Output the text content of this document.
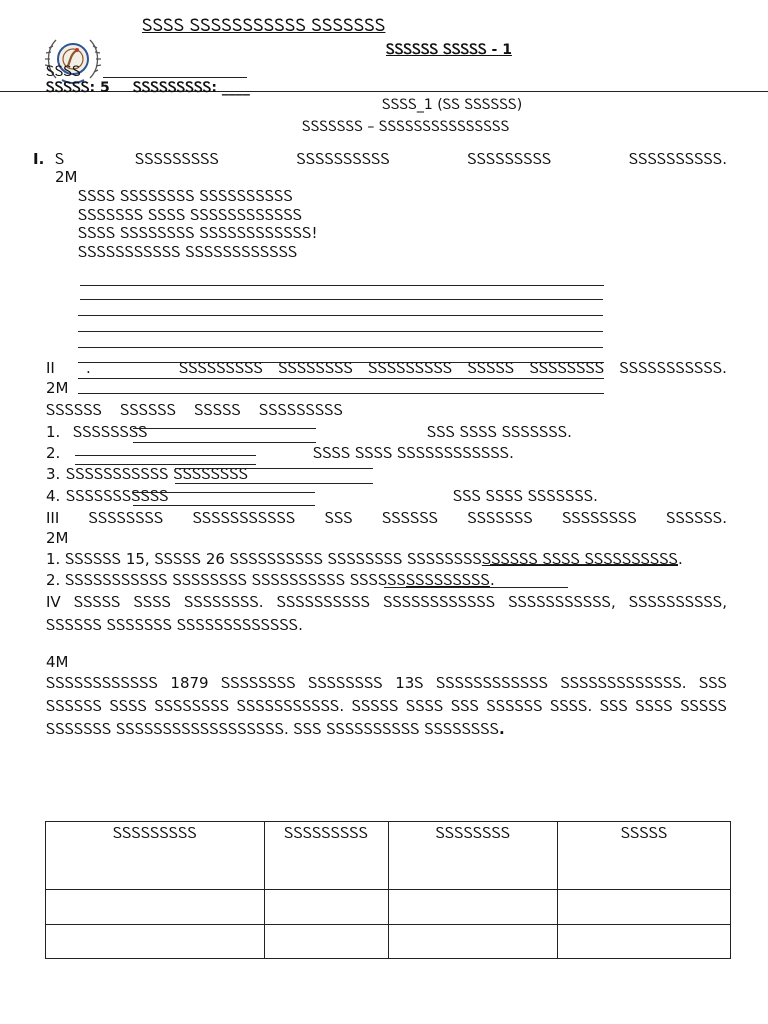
ᏚᏚᏚᏚ ᏚᏚᏚᏚᏚᏚᏚᏚᏚᏚᏚ ᏚᏚᏚᏚᏚᏚᏚ
ᏚᏚᏚᏚᏚᏚ ᏚᏚᏚᏚᏚ - 1
ᏚᏚᏚᏚ
ᏚᏚᏚᏚᏚ: 5 ᏚᏚᏚᏚᏚᏚᏚᏚᏚ: ____
ᏚᏚᏚᏚ_1 (ᏚᏚ ᏚᏚᏚᏚᏚᏚ)
ᏚᏚᏚᏚᏚᏚᏚ – ᏚᏚᏚᏚᏚᏚᏚᏚᏚᏚᏚᏚᏚᏚᏚ
I. Ꮪ	ᏚᏚᏚᏚᏚᏚᏚᏚᏚ	ᏚᏚᏚᏚᏚᏚᏚᏚᏚᏚ	ᏚᏚᏚᏚᏚᏚᏚᏚᏚ	ᏚᏚᏚᏚᏚᏚᏚᏚᏚᏚ.
2M
ᏚᏚᏚᏚ ᏚᏚᏚᏚᏚᏚᏚᏚ ᏚᏚᏚᏚᏚᏚᏚᏚᏚᏚ
ᏚᏚᏚᏚᏚᏚᏚ ᏚᏚᏚᏚ ᏚᏚᏚᏚᏚᏚᏚᏚᏚᏚᏚᏚ
ᏚᏚᏚᏚ ᏚᏚᏚᏚᏚᏚᏚᏚ ᏚᏚᏚᏚᏚᏚᏚᏚᏚᏚᏚᏚ!
ᏚᏚᏚᏚᏚᏚᏚᏚᏚᏚᏚ ᏚᏚᏚᏚᏚᏚᏚᏚᏚᏚᏚᏚ
II .	ᏚᏚᏚᏚᏚᏚᏚᏚᏚ ᏚᏚᏚᏚᏚᏚᏚᏚ ᏚᏚᏚᏚᏚᏚᏚᏚᏚ ᏚᏚᏚᏚᏚ ᏚᏚᏚᏚᏚᏚᏚᏚ ᏚᏚᏚᏚᏚᏚᏚᏚᏚᏚᏚ.
2M
ᏚᏚᏚᏚᏚᏚ ᏚᏚᏚᏚᏚᏚ ᏚᏚᏚᏚᏚ ᏚᏚᏚᏚᏚᏚᏚᏚᏚ
1. ᏚᏚᏚᏚᏚᏚᏚᏚ	ᏚᏚᏚ ᏚᏚᏚᏚ ᏚᏚᏚᏚᏚᏚᏚ.
2.	ᏚᏚᏚᏚ ᏚᏚᏚᏚ ᏚᏚᏚᏚᏚᏚᏚᏚᏚᏚᏚᏚ.
3. ᏚᏚᏚᏚᏚᏚᏚᏚᏚᏚᏚ ᏚᏚᏚᏚᏚᏚᏚᏚ
4. ᏚᏚᏚᏚᏚᏚᏚᏚᏚᏚᏚ	ᏚᏚᏚ ᏚᏚᏚᏚ ᏚᏚᏚᏚᏚᏚᏚ.
III ᏚᏚᏚᏚᏚᏚᏚᏚ ᏚᏚᏚᏚᏚᏚᏚᏚᏚᏚᏚ ᏚᏚᏚ ᏚᏚᏚᏚᏚᏚ ᏚᏚᏚᏚᏚᏚᏚ ᏚᏚᏚᏚᏚᏚᏚᏚ ᏚᏚᏚᏚᏚᏚ.
2M
1. ᏚᏚᏚᏚᏚᏚ 15, ᏚᏚᏚᏚᏚ 26 ᏚᏚᏚᏚᏚᏚᏚᏚᏚᏚ ᏚᏚᏚᏚᏚᏚᏚᏚ ᏚᏚᏚᏚᏚᏚᏚᏚᏚᏚᏚᏚᏚᏚ ᏚᏚᏚᏚ ᏚᏚᏚᏚᏚᏚᏚᏚᏚᏚ.
2. ᏚᏚᏚᏚᏚᏚᏚᏚᏚᏚᏚ ᏚᏚᏚᏚᏚᏚᏚᏚ ᏚᏚᏚᏚᏚᏚᏚᏚᏚᏚ ᏚᏚᏚᏚᏚᏚᏚᏚᏚᏚᏚᏚᏚᏚᏚ.
IV ᏚᏚᏚᏚᏚ ᏚᏚᏚᏚ ᏚᏚᏚᏚᏚᏚᏚᏚ. ᏚᏚᏚᏚᏚᏚᏚᏚᏚᏚ ᏚᏚᏚᏚᏚᏚᏚᏚᏚᏚᏚᏚ ᏚᏚᏚᏚᏚᏚᏚᏚᏚᏚᏚ, ᏚᏚᏚᏚᏚᏚᏚᏚᏚᏚ, ᏚᏚᏚᏚᏚᏚ ᏚᏚᏚᏚᏚᏚᏚ ᏚᏚᏚᏚᏚᏚᏚᏚᏚᏚᏚᏚᏚ.
4M
ᏚᏚᏚᏚᏚᏚᏚᏚᏚᏚᏚᏚ 1879 ᏚᏚᏚᏚᏚᏚᏚᏚ ᏚᏚᏚᏚᏚᏚᏚᏚ 13Ꮪ ᏚᏚᏚᏚᏚᏚᏚᏚᏚᏚᏚᏚ ᏚᏚᏚᏚᏚᏚᏚᏚᏚᏚᏚᏚᏚ. ᏚᏚᏚ ᏚᏚᏚᏚᏚᏚ ᏚᏚᏚᏚ ᏚᏚᏚᏚᏚᏚᏚᏚ ᏚᏚᏚᏚᏚᏚᏚᏚᏚᏚᏚ. ᏚᏚᏚᏚᏚ ᏚᏚᏚᏚ ᏚᏚᏚ ᏚᏚᏚᏚᏚᏚ ᏚᏚᏚᏚ. ᏚᏚᏚ ᏚᏚᏚᏚ ᏚᏚᏚᏚᏚ ᏚᏚᏚᏚᏚᏚᏚ ᏚᏚᏚᏚᏚᏚᏚᏚᏚᏚᏚᏚᏚᏚᏚᏚᏚᏚ. ᏚᏚᏚ ᏚᏚᏚᏚᏚᏚᏚᏚᏚᏚ ᏚᏚᏚᏚᏚᏚᏚᏚ.
ᏚᏚᏚᏚᏚᏚᏚᏚᏚ	ᏚᏚᏚᏚᏚᏚᏚᏚᏚ	ᏚᏚᏚᏚᏚᏚᏚᏚ	ᏚᏚᏚᏚᏚ
